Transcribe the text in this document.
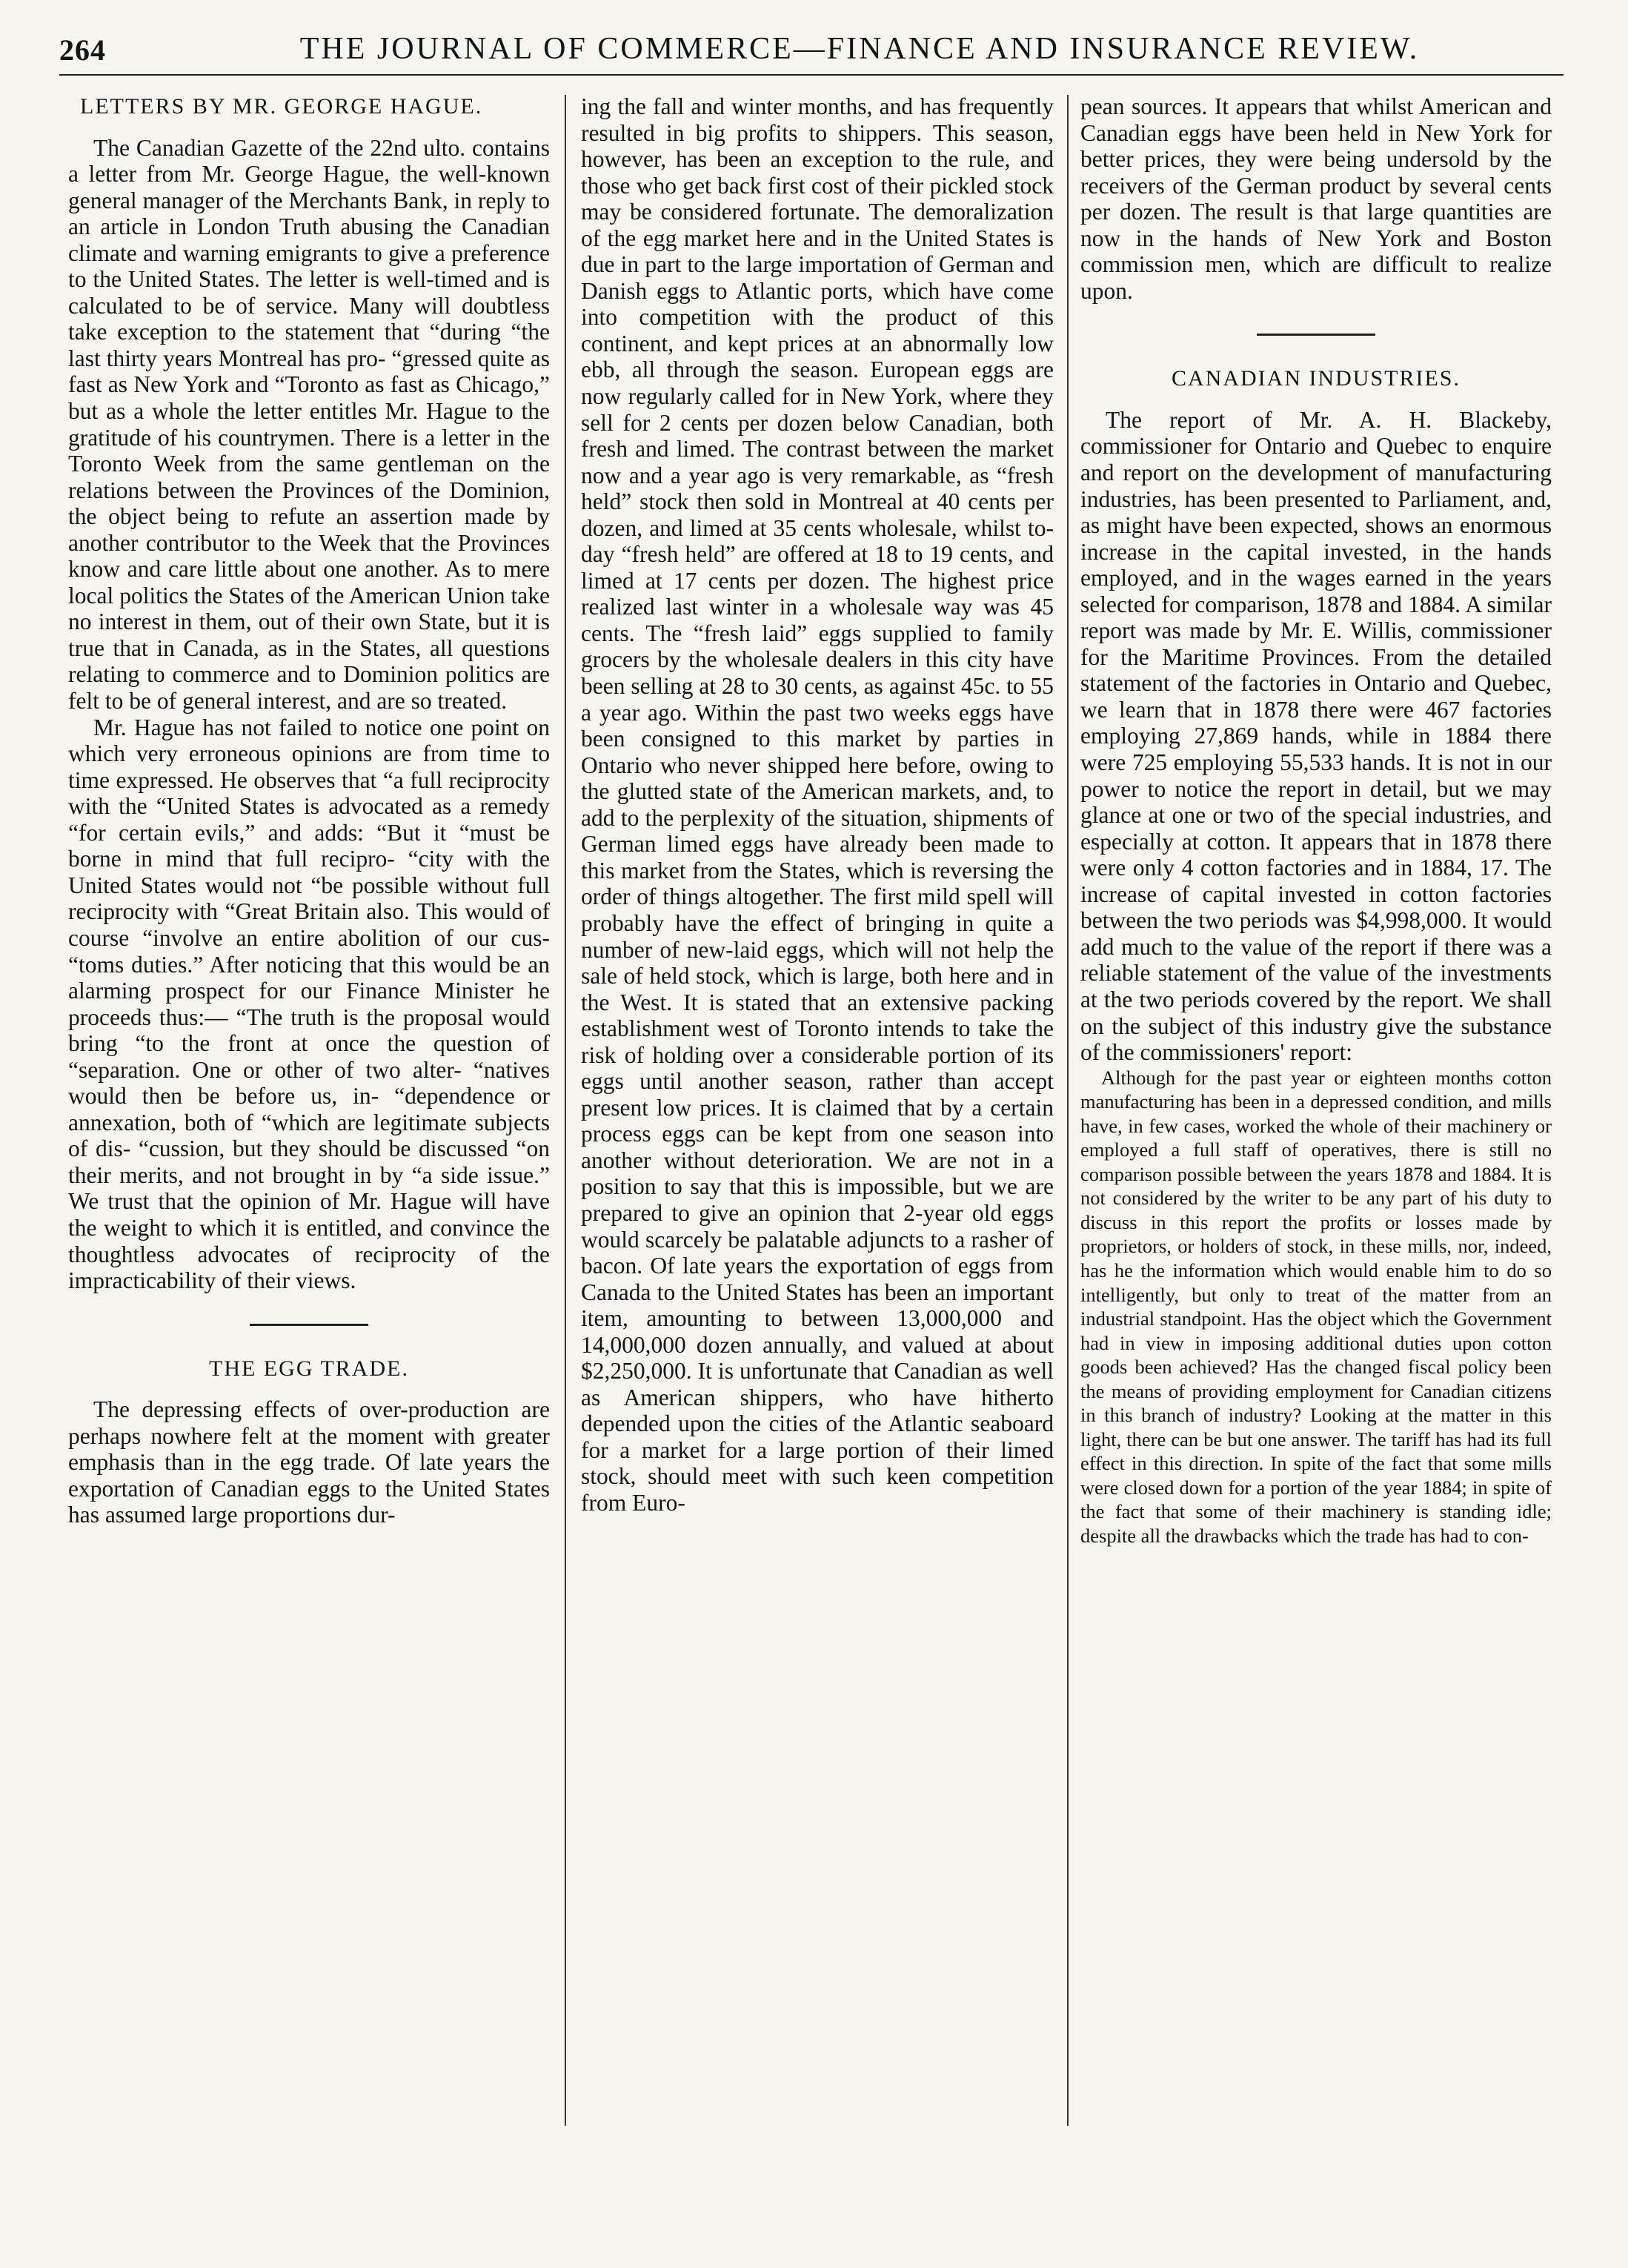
264	THE JOURNAL OF COMMERCE—FINANCE AND INSURANCE REVIEW.
LETTERS BY MR. GEORGE HAGUE.

The Canadian Gazette of the 22nd ulto. contains a letter from Mr. George Hague, the well-known general manager of the Merchants Bank, in reply to an article in London Truth abusing the Canadian climate and warning emigrants to give a preference to the United States. The letter is well-timed and is calculated to be of service. Many will doubtless take exception to the statement that “during “the last thirty years Montreal has pro- “gressed quite as fast as New York and “Toronto as fast as Chicago,” but as a whole the letter entitles Mr. Hague to the gratitude of his countrymen. There is a letter in the Toronto Week from the same gentleman on the relations between the Provinces of the Dominion, the object being to refute an assertion made by another contributor to the Week that the Provinces know and care little about one another. As to mere local politics the States of the American Union take no interest in them, out of their own State, but it is true that in Canada, as in the States, all questions relating to commerce and to Dominion politics are felt to be of general interest, and are so treated.

Mr. Hague has not failed to notice one point on which very erroneous opinions are from time to time expressed. He observes that “a full reciprocity with the “United States is advocated as a remedy “for certain evils,” and adds: “But it “must be borne in mind that full recipro- “city with the United States would not “be possible without full reciprocity with “Great Britain also. This would of course “involve an entire abolition of our cus- “toms duties.” After noticing that this would be an alarming prospect for our Finance Minister he proceeds thus:— “The truth is the proposal would bring “to the front at once the question of “separation. One or other of two alter- “natives would then be before us, in- “dependence or annexation, both of “which are legitimate subjects of dis- “cussion, but they should be discussed “on their merits, and not brought in by “a side issue.” We trust that the opinion of Mr. Hague will have the weight to which it is entitled, and convince the thoughtless advocates of reciprocity of the impracticability of their views.

THE EGG TRADE.

The depressing effects of over-production are perhaps nowhere felt at the moment with greater emphasis than in the egg trade. Of late years the exportation of Canadian eggs to the United States has assumed large proportions dur-

ing the fall and winter months, and has frequently resulted in big profits to shippers. This season, however, has been an exception to the rule, and those who get back first cost of their pickled stock may be considered fortunate. The demoralization of the egg market here and in the United States is due in part to the large importation of German and Danish eggs to Atlantic ports, which have come into competition with the product of this continent, and kept prices at an abnormally low ebb, all through the season. European eggs are now regularly called for in New York, where they sell for 2 cents per dozen below Canadian, both fresh and limed. The contrast between the market now and a year ago is very remarkable, as “fresh held” stock then sold in Montreal at 40 cents per dozen, and limed at 35 cents wholesale, whilst to-day “fresh held” are offered at 18 to 19 cents, and limed at 17 cents per dozen. The highest price realized last winter in a wholesale way was 45 cents. The “fresh laid” eggs supplied to family grocers by the wholesale dealers in this city have been selling at 28 to 30 cents, as against 45c. to 55 a year ago. Within the past two weeks eggs have been consigned to this market by parties in Ontario who never shipped here before, owing to the glutted state of the American markets, and, to add to the perplexity of the situation, shipments of German limed eggs have already been made to this market from the States, which is reversing the order of things altogether. The first mild spell will probably have the effect of bringing in quite a number of new-laid eggs, which will not help the sale of held stock, which is large, both here and in the West. It is stated that an extensive packing establishment west of Toronto intends to take the risk of holding over a considerable portion of its eggs until another season, rather than accept present low prices. It is claimed that by a certain process eggs can be kept from one season into another without deterioration. We are not in a position to say that this is impossible, but we are prepared to give an opinion that 2-year old eggs would scarcely be palatable adjuncts to a rasher of bacon. Of late years the exportation of eggs from Canada to the United States has been an important item, amounting to between 13,000,000 and 14,000,000 dozen annually, and valued at about $2,250,000. It is unfortunate that Canadian as well as American shippers, who have hitherto depended upon the cities of the Atlantic seaboard for a market for a large portion of their limed stock, should meet with such keen competition from Euro-

pean sources. It appears that whilst American and Canadian eggs have been held in New York for better prices, they were being undersold by the receivers of the German product by several cents per dozen. The result is that large quantities are now in the hands of New York and Boston commission men, which are difficult to realize upon.

CANADIAN INDUSTRIES.

The report of Mr. A. H. Blackeby, commissioner for Ontario and Quebec to enquire and report on the development of manufacturing industries, has been presented to Parliament, and, as might have been expected, shows an enormous increase in the capital invested, in the hands employed, and in the wages earned in the years selected for comparison, 1878 and 1884. A similar report was made by Mr. E. Willis, commissioner for the Maritime Provinces. From the detailed statement of the factories in Ontario and Quebec, we learn that in 1878 there were 467 factories employing 27,869 hands, while in 1884 there were 725 employing 55,533 hands. It is not in our power to notice the report in detail, but we may glance at one or two of the special industries, and especially at cotton. It appears that in 1878 there were only 4 cotton factories and in 1884, 17. The increase of capital invested in cotton factories between the two periods was $4,998,000. It would add much to the value of the report if there was a reliable statement of the value of the investments at the two periods covered by the report. We shall on the subject of this industry give the substance of the commissioners' report:

Although for the past year or eighteen months cotton manufacturing has been in a depressed condition, and mills have, in few cases, worked the whole of their machinery or employed a full staff of operatives, there is still no comparison possible between the years 1878 and 1884. It is not considered by the writer to be any part of his duty to discuss in this report the profits or losses made by proprietors, or holders of stock, in these mills, nor, indeed, has he the information which would enable him to do so intelligently, but only to treat of the matter from an industrial standpoint. Has the object which the Government had in view in imposing additional duties upon cotton goods been achieved? Has the changed fiscal policy been the means of providing employment for Canadian citizens in this branch of industry? Looking at the matter in this light, there can be but one answer. The tariff has had its full effect in this direction. In spite of the fact that some mills were closed down for a portion of the year 1884; in spite of the fact that some of their machinery is standing idle; despite all the drawbacks which the trade has had to con-
